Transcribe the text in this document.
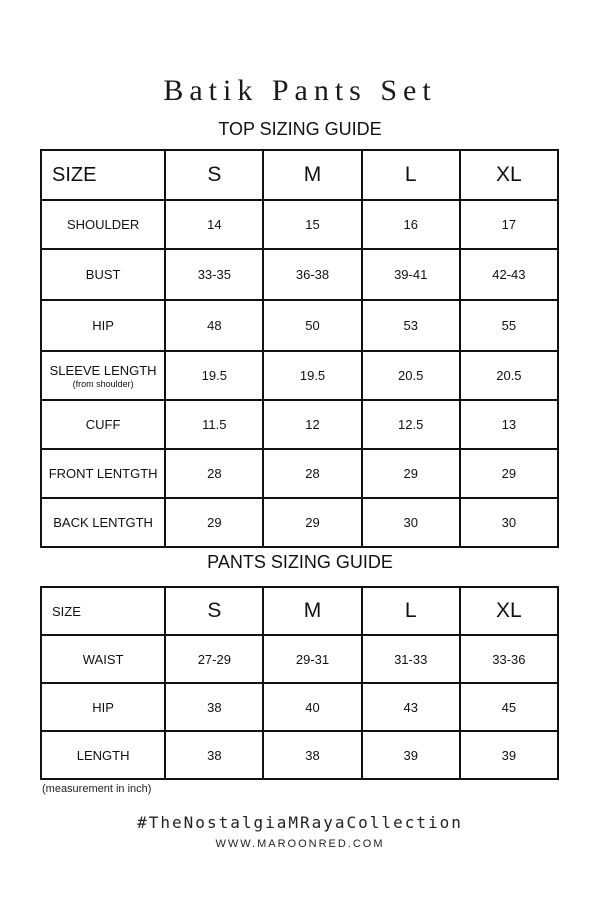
Batik Pants Set
TOP SIZING GUIDE
SIZE	S	M	L	XL
SHOULDER	14	15	16	17
BUST	33-35	36-38	39-41	42-43
HIP	48	50	53	55
SLEEVE LENGTH
(from shoulder)	19.5	19.5	20.5	20.5
CUFF	11.5	12	12.5	13
FRONT LENTGTH	28	28	29	29
BACK LENTGTH	29	29	30	30
PANTS SIZING GUIDE
SIZE	S	M	L	XL
WAIST	27-29	29-31	31-33	33-36
HIP	38	40	43	45
LENGTH	38	38	39	39
(measurement in inch)
#TheNostalgiaMRayaCollection
WWW.MAROONRED.COM
